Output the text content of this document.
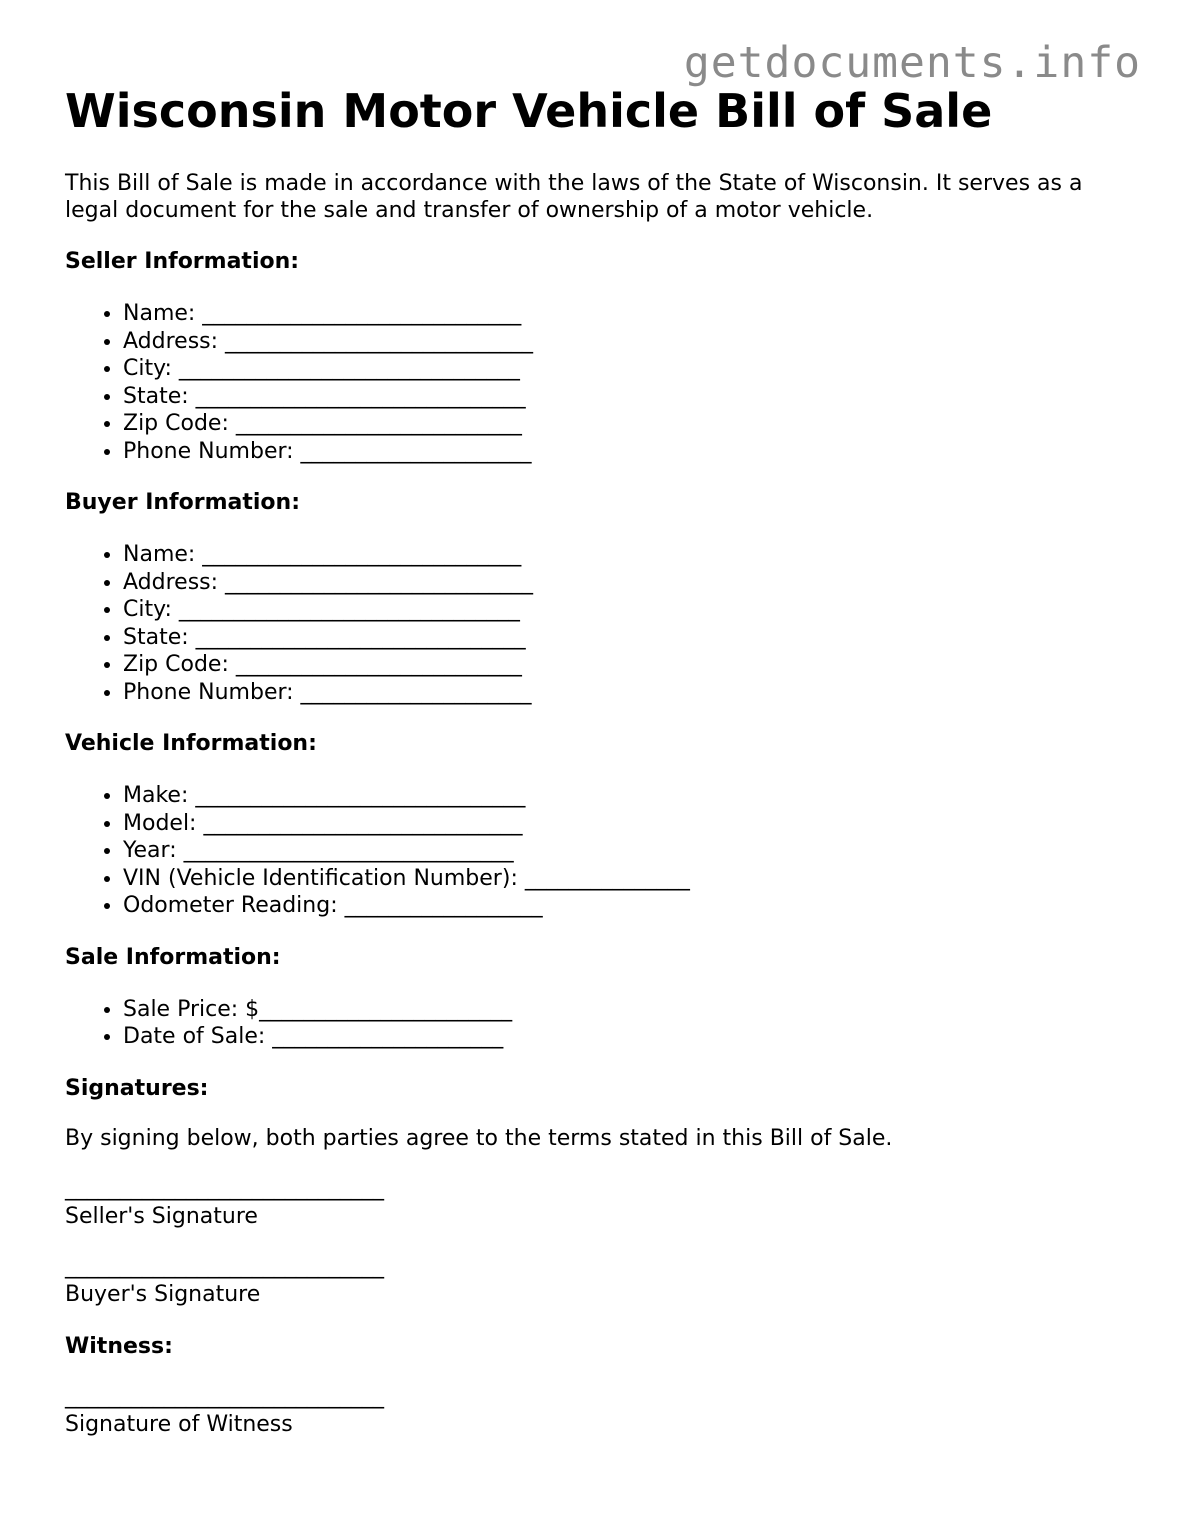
getdocuments.info
Wisconsin Motor Vehicle Bill of Sale

This Bill of Sale is made in accordance with the laws of the State of Wisconsin. It serves as a legal document for the sale and transfer of ownership of a motor vehicle.

Seller Information:
• Name: _____________________________
• Address: ____________________________
• City: _______________________________
• State: ______________________________
• Zip Code: __________________________
• Phone Number: _____________________
Buyer Information:
• Name: _____________________________
• Address: ____________________________
• City: _______________________________
• State: ______________________________
• Zip Code: __________________________
• Phone Number: _____________________
Vehicle Information:
• Make: ______________________________
• Model: _____________________________
• Year: ______________________________
• VIN (Vehicle Identification Number): _______________
• Odometer Reading: __________________
Sale Information:
• Sale Price: $_______________________
• Date of Sale: _____________________
Signatures:

By signing below, both parties agree to the terms stated in this Bill of Sale.

_____________________________
Seller's Signature
_____________________________
Buyer's Signature
Witness:
_____________________________
Signature of Witness
